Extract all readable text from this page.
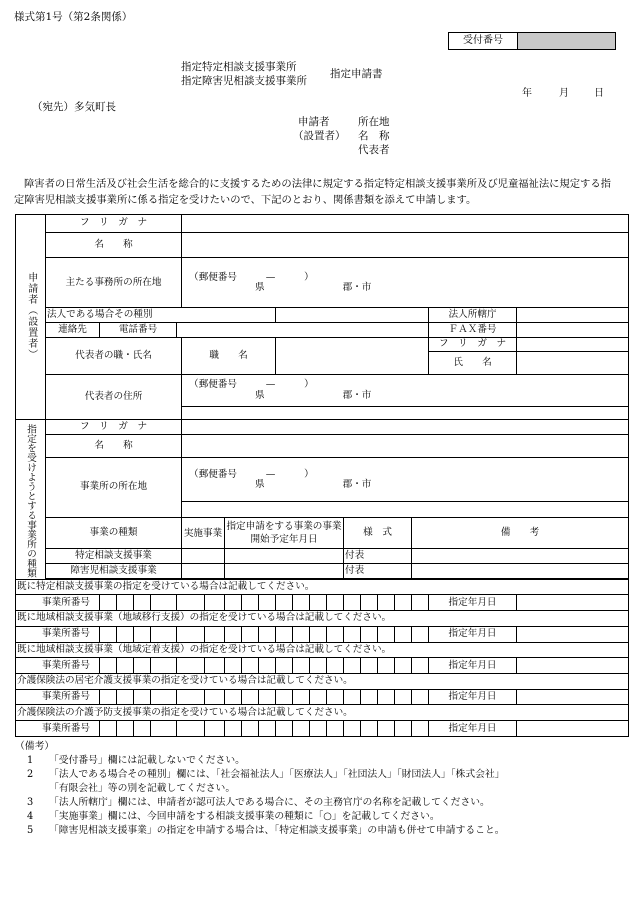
様式第1号（第2条関係）
受付番号
指定特定相談支援事業所
指定障害児相談支援事業所
指定申請書
年	月	日
（宛先）多気町長
申請者
（設置者）
所在地
名　称
代表者
障害者の日常生活及び社会生活を総合的に支援するための法律に規定する指定特定相談支援事業所及び児童福祉法に規定する指定障害児相談支援事業所に係る指定を受けたいので、下記のとおり、関係書類を添えて申請します。
申請者（設置者）	フ　リ　ガ　ナ																					
	名　　称																					
	主たる事務所の所在地						（郵便番号　　　—　　　）
県 郡・市															

	法人である場合その種別																				法人所轄庁	
	連絡先	電話番号																			ＦＡＸ番号	
	代表者の職・氏名						職　　名														フ　リ　ガ　ナ	
																					氏　　名	
	代表者の住所						（郵便番号　　　—　　　）
県 郡・市															

指定を受けようとする事業所の種類	フ　リ　ガ　ナ																					
	名　　称																					
	事業所の所在地						（郵便番号　　　—　　　）
県 郡・市															

	事業の種類						実施事業		指定申請をする事業の事業開始予定年月日							様　式				備　　考		
	特定相談支援事業															付表						
	障害児相談支援事業															付表						

既に特定相談支援事業の指定を受けている場合は記載してください。																						
事業所番号																					指定年月日	
既に地域相談支援事業（地域移行支援）の指定を受けている場合は記載してください。																						
事業所番号																					指定年月日	
既に地域相談支援事業（地域定着支援）の指定を受けている場合は記載してください。																						
事業所番号																					指定年月日	
介護保険法の居宅介護支援事業の指定を受けている場合は記載してください。																						
事業所番号																					指定年月日	
介護保険法の介護予防支援事業の指定を受けている場合は記載してください。																						
事業所番号																					指定年月日	
（備考）
1 「受付番号」欄には記載しないでください。
2 「法人である場合その種別」欄には、「社会福祉法人」「医療法人」「社団法人」「財団法人」「株式会社」
「有限会社」等の別を記載してください。
3 「法人所轄庁」欄には、申請者が認可法人である場合に、その主務官庁の名称を記載してください。
4 「実施事業」欄には、今回申請をする相談支援事業の種類に「○」を記載してください。
5 「障害児相談支援事業」の指定を申請する場合は、「特定相談支援事業」の申請も併せて申請すること。
